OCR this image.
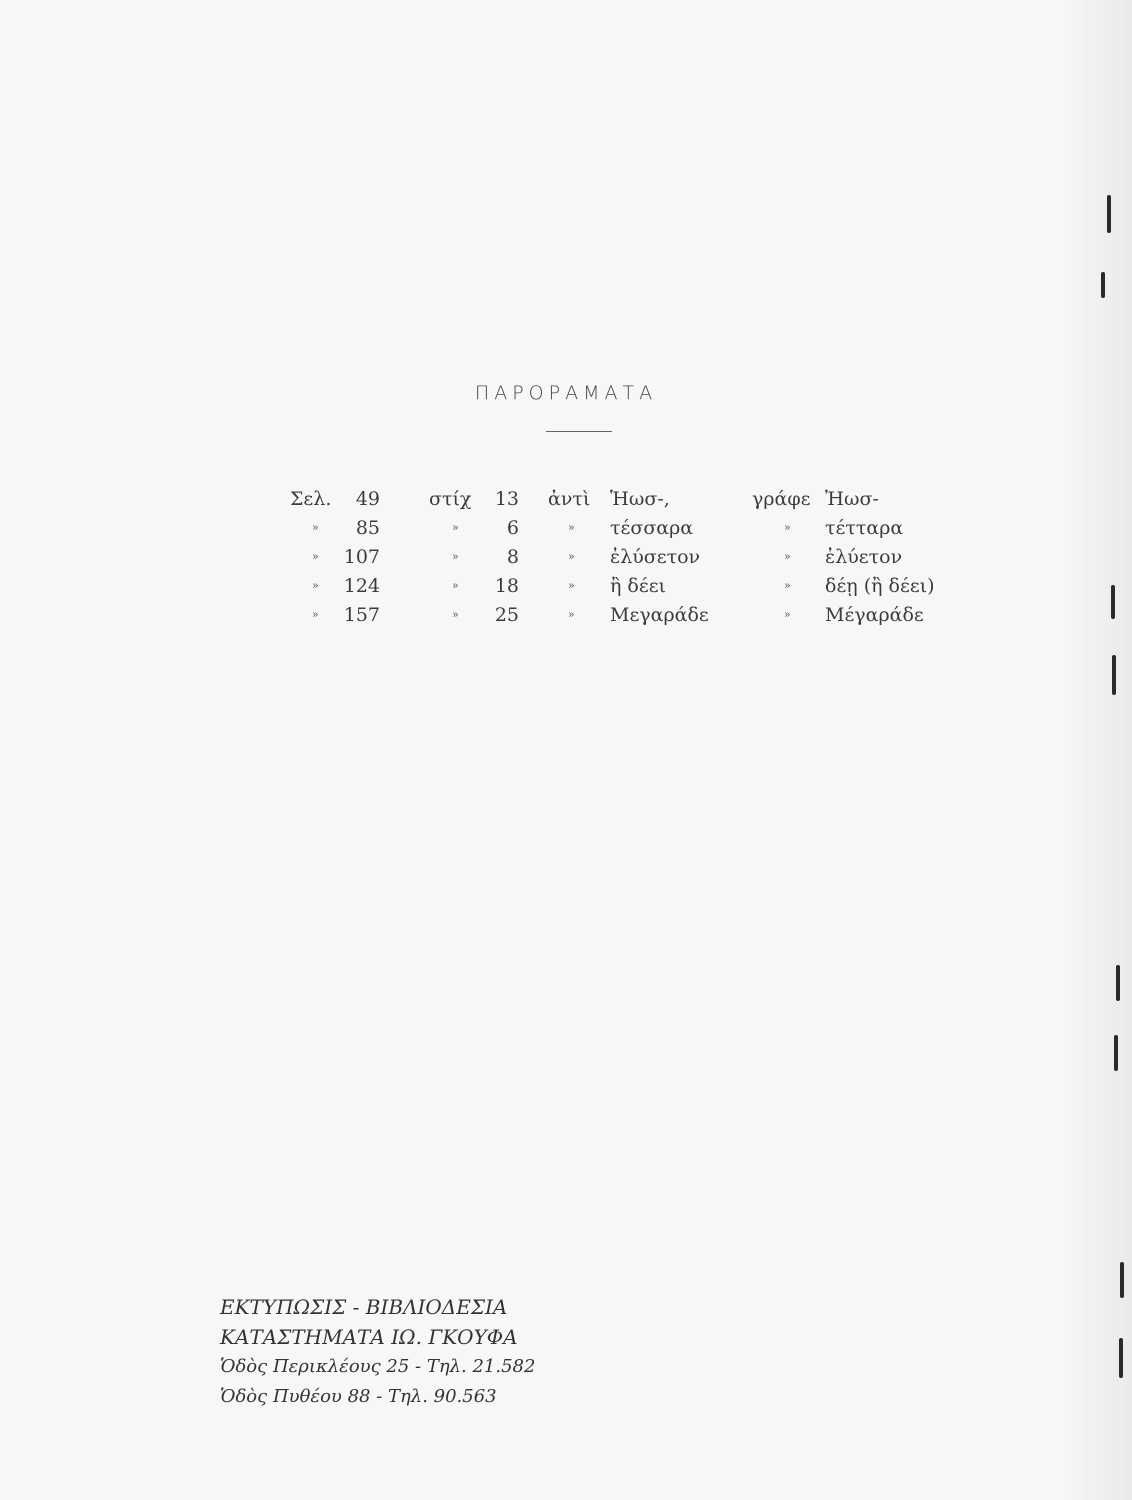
ΠΑΡΟΡΑΜΑΤΑ
Σελ. 49	στίχ 13 ἀντὶ Ἡωσ-,	γράφε Ἠωσ-
» 85	»	6	» τέσσαρα	» τέτταρα
» 107	»	8	» ἐλύσετον	» ἐλύετον
» 124	» 18	» ἢ δέει	» δέῃ (ἢ δέει)
» 157	» 25	» Μεγαράδε	» Μέγαράδε
ΕΚΤΥΠΩΣΙΣ - ΒΙΒΛΙΟΔΕΣΙΑ
ΚΑΤΑΣΤΗΜΑΤΑ ΙΩ. ΓΚΟΥΦΑ
Ὁδὸς Περικλέους 25 - Τηλ. 21.582
Ὁδὸς Πυθέου 88 - Τηλ. 90.563
